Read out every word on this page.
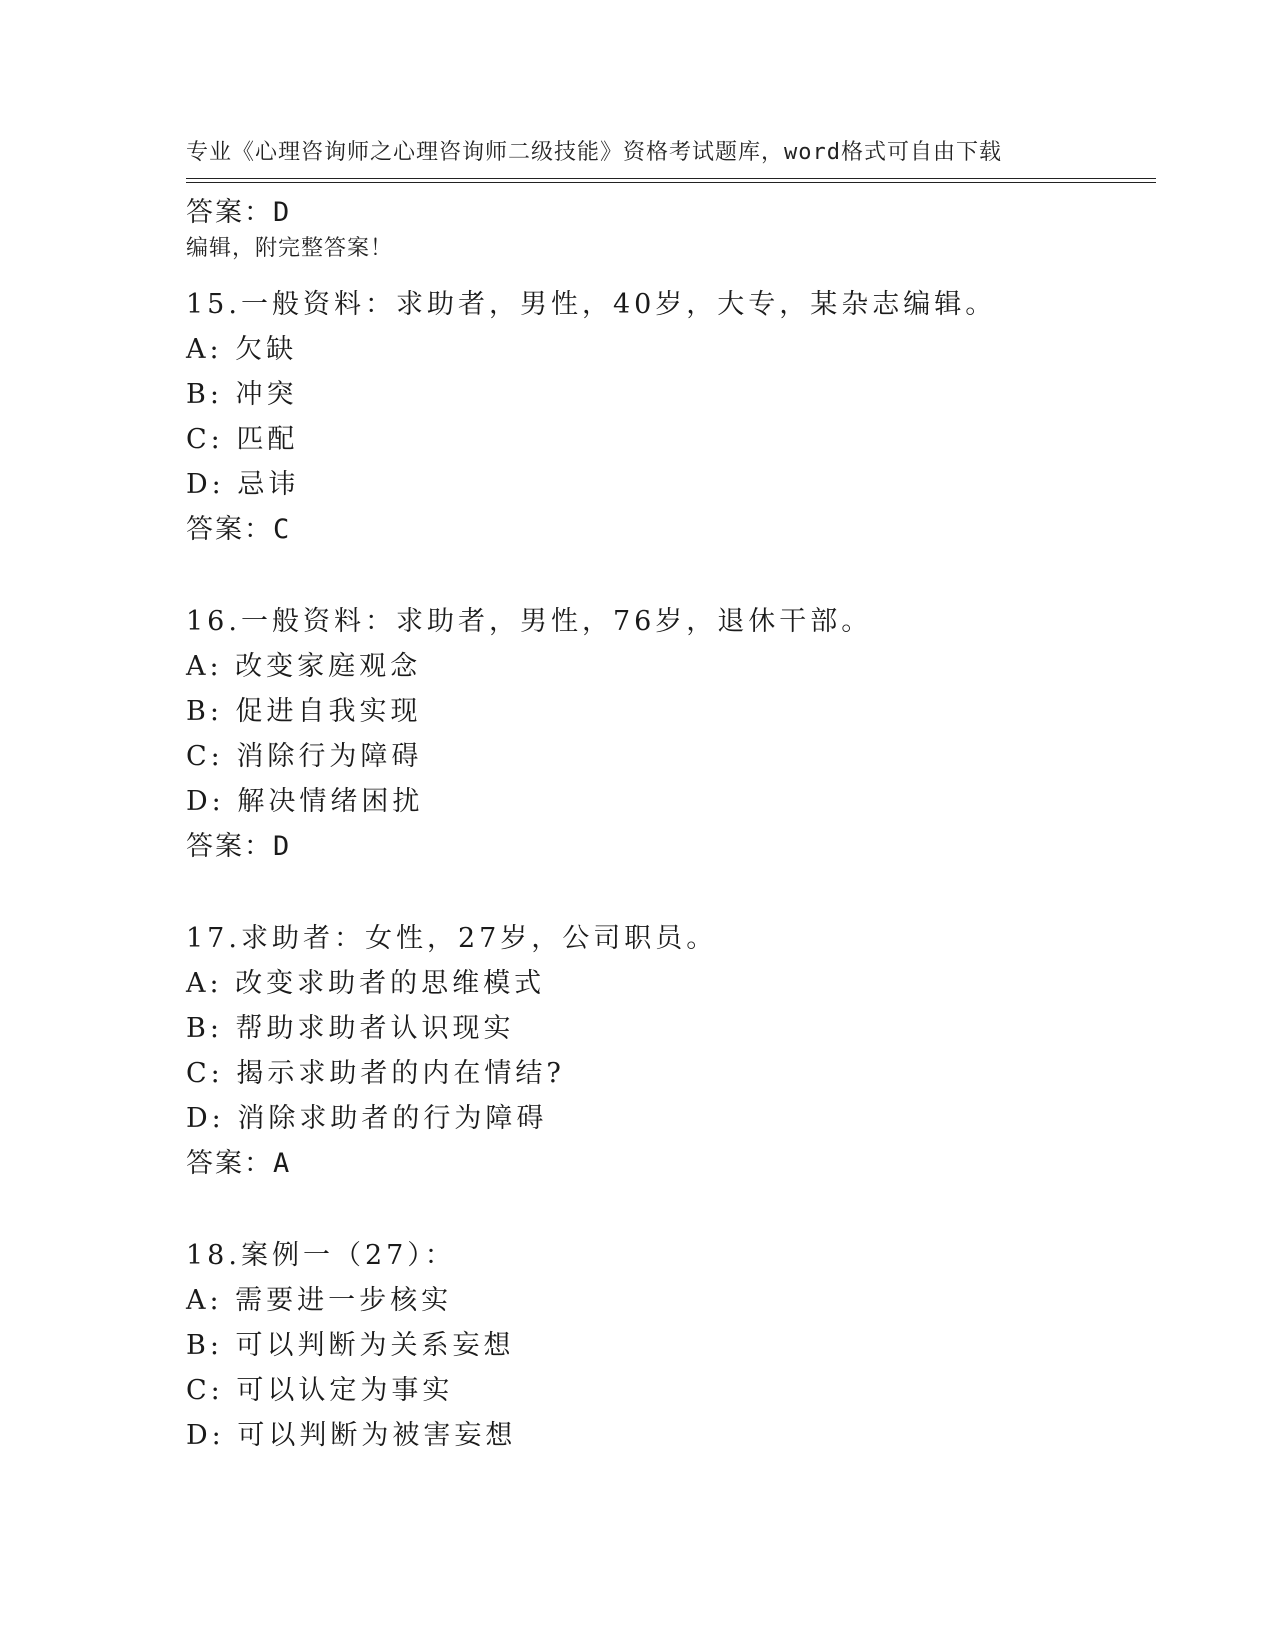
专业《心理咨询师之心理咨询师二级技能》资格考试题库，word格式可自由下载

编辑，附完整答案！

答案：D
15.一般资料：求助者，男性，40岁，大专，某杂志编辑。
A: 欠缺
B: 冲突
C: 匹配
D: 忌讳
答案：C
16.一般资料：求助者，男性，76岁，退休干部。
A: 改变家庭观念
B: 促进自我实现
C: 消除行为障碍
D: 解决情绪困扰
答案：D
17.求助者：女性，27岁，公司职员。
A: 改变求助者的思维模式
B: 帮助求助者认识现实
C: 揭示求助者的内在情结?
D: 消除求助者的行为障碍
答案：A
18.案例一（27）：
A: 需要进一步核实
B: 可以判断为关系妄想
C: 可以认定为事实
D: 可以判断为被害妄想
